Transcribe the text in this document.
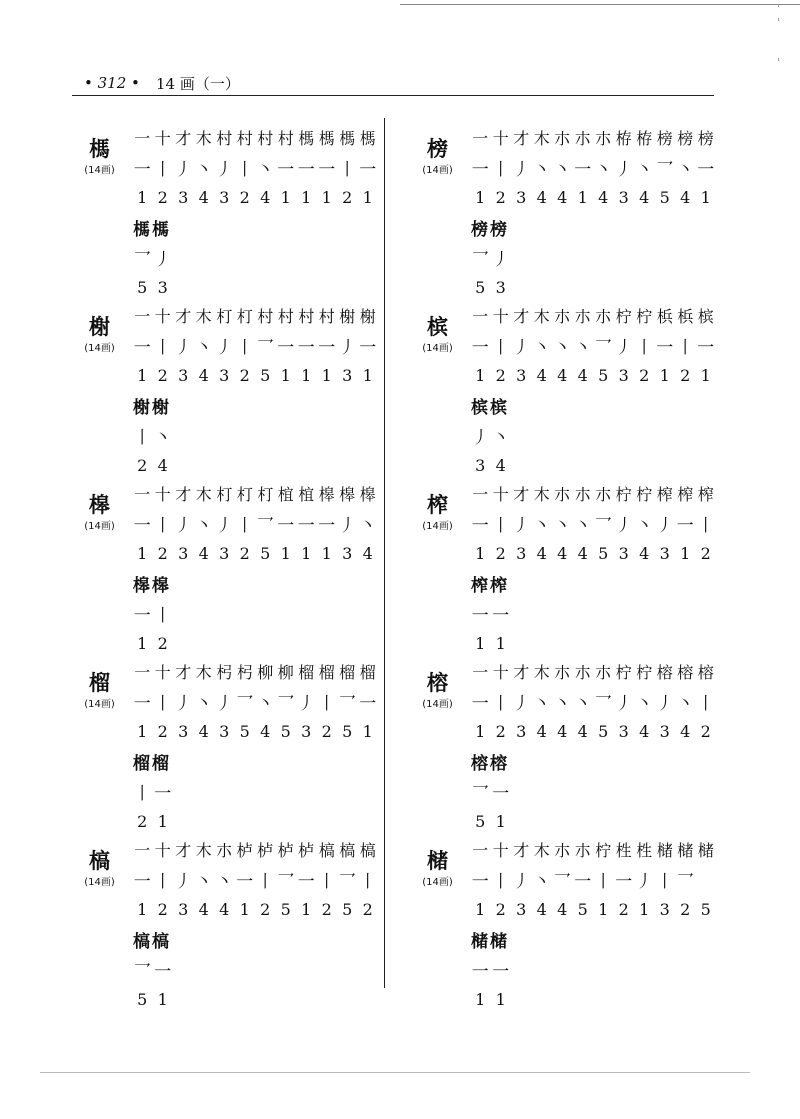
• 312 • 14 画（一）
榪
(14画)
一 十 才 木 村 村 村 村 榪 榪 榪 榪
一 丨 丿 丶 丿 丨 丶 一 一 一 丨 一
1 2 3 4 3 2 4 1 1 1 2 1
榪 榪
乛 丿
5 3
榜
(14画)
一 十 才 木 朩 朩 朩 栫 栫 榜 榜 榜
一 丨 丿 丶 丶 一 丶 丿 丶 乛 丶 一
1 2 3 4 4 1 4 3 4 5 4 1
榜 榜
乛 丿
5 3
榭
(14画)
一 十 才 木 朾 朾 村 村 村 村 榭 榭
一 丨 丿 丶 丿 丨 乛 一 一 一 丿 一
1 2 3 4 3 2 5 1 1 1 3 1
榭 榭
丨 丶
2 4
槟
(14画)
一 十 才 木 朩 朩 朩 柠 柠 梹 梹 槟
一 丨 丿 丶 丶 丶 乛 丿 丨 一 丨 一
1 2 3 4 4 4 5 3 2 1 2 1
槟 槟
丿 丶
3 4
槔
(14画)
一 十 才 木 朾 朾 朾 椬 椬 槔 槔 槔
一 丨 丿 丶 丿 丨 乛 一 一 一 丿 丶
1 2 3 4 3 2 5 1 1 1 3 4
槔 槔
一 丨
1 2
榨
(14画)
一 十 才 木 朩 朩 朩 柠 柠 榨 榨 榨
一 丨 丿 丶 丶 丶 乛 丿 丶 丿 一 丨
1 2 3 4 4 4 5 3 4 3 1 2
榨 榨
一 一
1 1
榴
(14画)
一 十 才 木 杛 杛 柳 柳 榴 榴 榴 榴
一 丨 丿 丶 丿 乛 丶 乛 丿 丨 乛 一
1 2 3 4 3 5 4 5 3 2 5 1
榴 榴
丨 一
2 1
榕
(14画)
一 十 才 木 朩 朩 朩 柠 柠 榕 榕 榕
一 丨 丿 丶 丶 丶 乛 丿 丶 丿 丶 丨
1 2 3 4 4 4 5 3 4 3 4 2
榕 榕
乛 一
5 1
槁
(14画)
一 十 才 木 朩 栌 栌 栌 栌 槁 槁 槁
一 丨 丿 丶 丶 一 丨 乛 一 丨 乛 丨
1 2 3 4 4 1 2 5 1 2 5 2
槁 槁
乛 一
5 1
槠
(14画)
一 十 才 木 朩 朩 柠 栍 栍 槠 槠 槠
一 丨 丿 丶 乛 一 丨 一 丿 丨 乛
1 2 3 4 4 5 1 2 1 3 2 5
槠 槠
一 一
1 1
